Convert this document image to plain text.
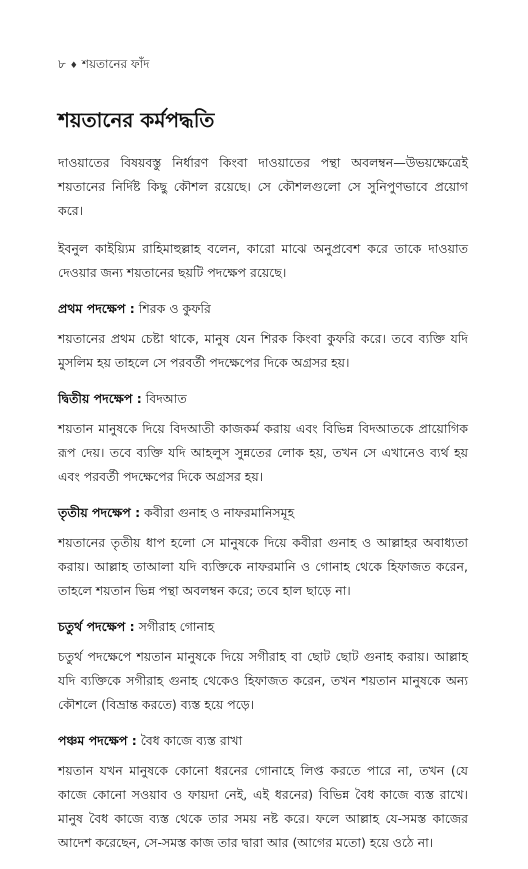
৮ ♦ শয়তানের ফাঁদ
শয়তানের কর্মপদ্ধতি

দাওয়াতের বিষয়বস্তু নির্ধারণ কিংবা দাওয়াতের পন্থা অবলম্বন—উভয়ক্ষেত্রেই শয়তানের নির্দিষ্ট কিছু কৌশল রয়েছে। সে কৌশলগুলো সে সুনিপুণভাবে প্রয়োগ করে।

ইবনুল কাইয়্যিম রাহিমাহুল্লাহ বলেন, কারো মাঝে অনুপ্রবেশ করে তাকে দাওয়াত দেওয়ার জন্য শয়তানের ছয়টি পদক্ষেপ রয়েছে।

প্রথম পদক্ষেপ : শিরক ও কুফরি

শয়তানের প্রথম চেষ্টা থাকে, মানুষ যেন শিরক কিংবা কুফরি করে। তবে ব্যক্তি যদি মুসলিম হয় তাহলে সে পরবর্তী পদক্ষেপের দিকে অগ্রসর হয়।

দ্বিতীয় পদক্ষেপ : বিদআত

শয়তান মানুষকে দিয়ে বিদআতী কাজকর্ম করায় এবং বিভিন্ন বিদআতকে প্রায়োগিক রূপ দেয়। তবে ব্যক্তি যদি আহলুস সুন্নতের লোক হয়, তখন সে এখানেও ব্যর্থ হয় এবং পরবর্তী পদক্ষেপের দিকে অগ্রসর হয়।

তৃতীয় পদক্ষেপ : কবীরা গুনাহ ও নাফরমানিসমূহ

শয়তানের তৃতীয় ধাপ হলো সে মানুষকে দিয়ে কবীরা গুনাহ ও আল্লাহর অবাধ্যতা করায়। আল্লাহ তাআলা যদি ব্যক্তিকে নাফরমানি ও গোনাহ থেকে হিফাজত করেন, তাহলে শয়তান ভিন্ন পন্থা অবলম্বন করে; তবে হাল ছাড়ে না।

চতুর্থ পদক্ষেপ : সগীরাহ গোনাহ

চতুর্থ পদক্ষেপে শয়তান মানুষকে দিয়ে সগীরাহ বা ছোট ছোট গুনাহ করায়। আল্লাহ যদি ব্যক্তিকে সগীরাহ গুনাহ থেকেও হিফাজত করেন, তখন শয়তান মানুষকে অন্য কৌশলে (বিভ্রান্ত করতে) ব্যস্ত হয়ে পড়ে।

পঞ্চম পদক্ষেপ : বৈধ কাজে ব্যস্ত রাখা

শয়তান যখন মানুষকে কোনো ধরনের গোনাহে লিপ্ত করতে পারে না, তখন (যে কাজে কোনো সওয়াব ও ফায়দা নেই, এই ধরনের) বিভিন্ন বৈধ কাজে ব্যস্ত রাখে। মানুষ বৈধ কাজে ব্যস্ত থেকে তার সময় নষ্ট করে। ফলে আল্লাহ যে-সমস্ত কাজের আদেশ করেছেন, সে-সমস্ত কাজ তার দ্বারা আর (আগের মতো) হয়ে ওঠে না।
